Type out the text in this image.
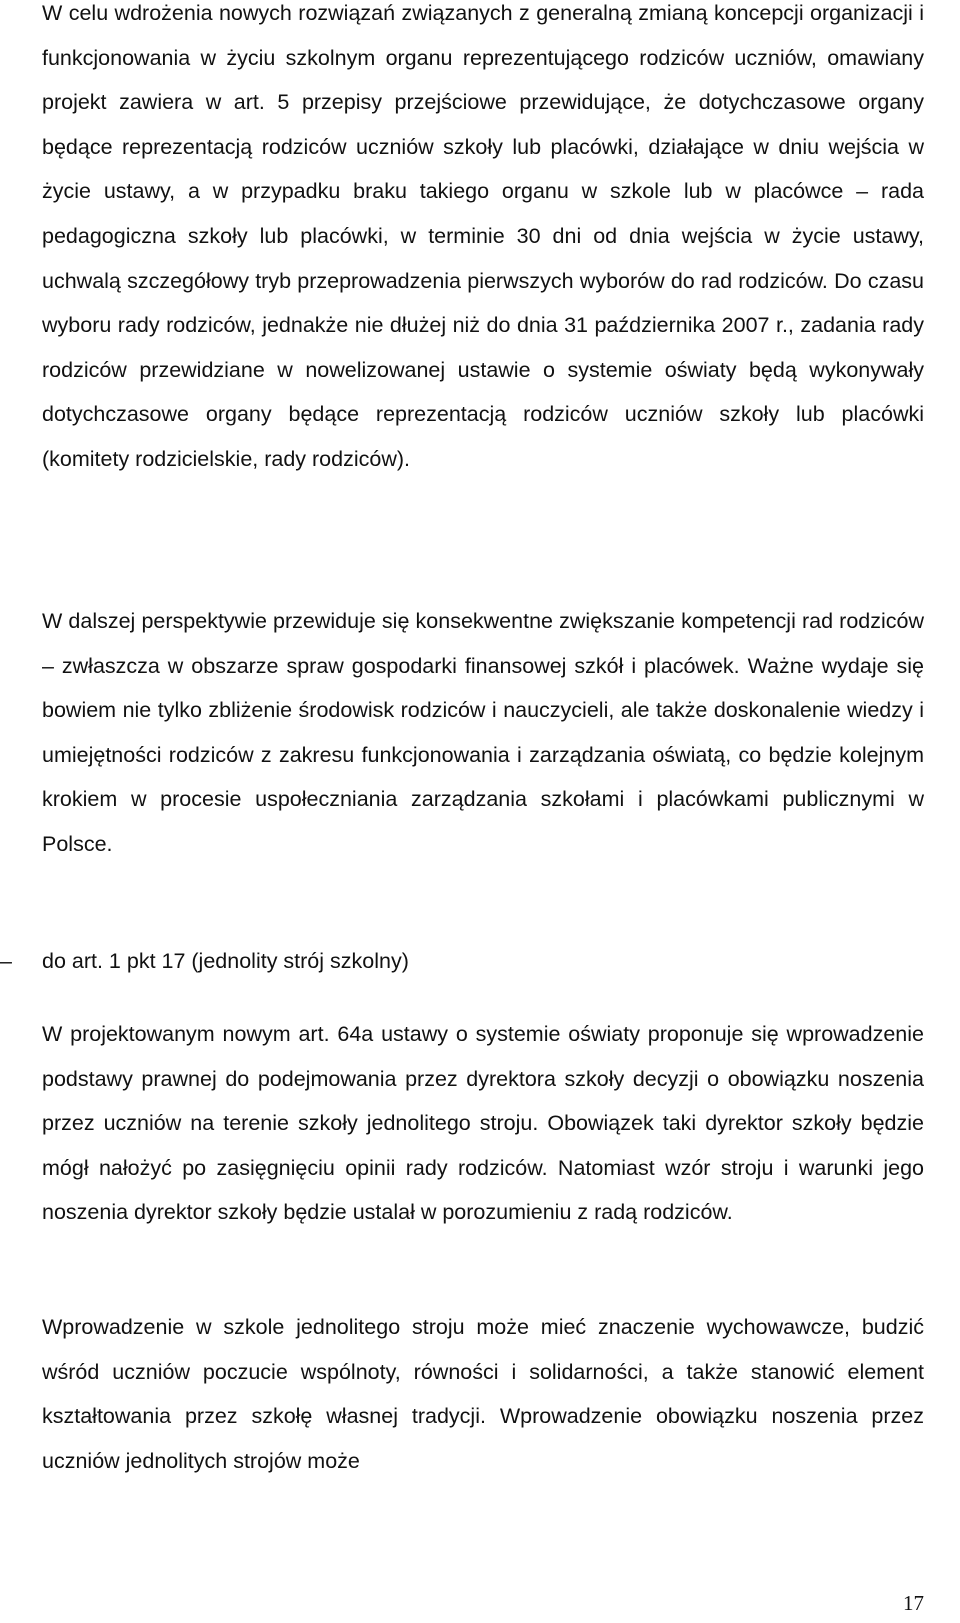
W celu wdrożenia nowych rozwiązań związanych z generalną zmianą koncepcji organizacji i funkcjonowania w życiu szkolnym organu reprezentującego rodziców uczniów, omawiany projekt zawiera w art. 5 przepisy przejściowe przewidujące, że dotychczasowe organy będące reprezentacją rodziców uczniów szkoły lub placówki, działające w dniu wejścia w życie ustawy, a w przypadku braku takiego organu w szkole lub w placówce – rada pedagogiczna szkoły lub placówki, w terminie 30 dni od dnia wejścia w życie ustawy, uchwalą szczegółowy tryb przeprowadzenia pierwszych wyborów do rad rodziców. Do czasu wyboru rady rodziców, jednakże nie dłużej niż do dnia 31 października 2007 r., zadania rady rodziców przewidziane w nowelizowanej ustawie o systemie oświaty będą wykonywały dotychczasowe organy będące reprezentacją rodziców uczniów szkoły lub placówki (komitety rodzicielskie, rady rodziców).

W dalszej perspektywie przewiduje się konsekwentne zwiększanie kompetencji rad rodziców – zwłaszcza w obszarze spraw gospodarki finansowej szkół i placówek. Ważne wydaje się bowiem nie tylko zbliżenie środowisk rodziców i nauczycieli, ale także doskonalenie wiedzy i umiejętności rodziców z zakresu funkcjonowania i zarządzania oświatą, co będzie kolejnym krokiem w procesie uspołeczniania zarządzania szkołami i placówkami publicznymi w Polsce.

–	do art. 1 pkt 17 (jednolity strój szkolny)

W projektowanym nowym art. 64a ustawy o systemie oświaty proponuje się wprowadzenie podstawy prawnej do podejmowania przez dyrektora szkoły decyzji o obowiązku noszenia przez uczniów na terenie szkoły jednolitego stroju. Obowiązek taki dyrektor szkoły będzie mógł nałożyć po zasięgnięciu opinii rady rodziców. Natomiast wzór stroju i warunki jego noszenia dyrektor szkoły będzie ustalał w porozumieniu z radą rodziców.

Wprowadzenie w szkole jednolitego stroju może mieć znaczenie wychowawcze, budzić wśród uczniów poczucie wspólnoty, równości i solidarności, a także stanowić element kształtowania przez szkołę własnej tradycji. Wprowadzenie obowiązku noszenia przez uczniów jednolitych strojów może

17
